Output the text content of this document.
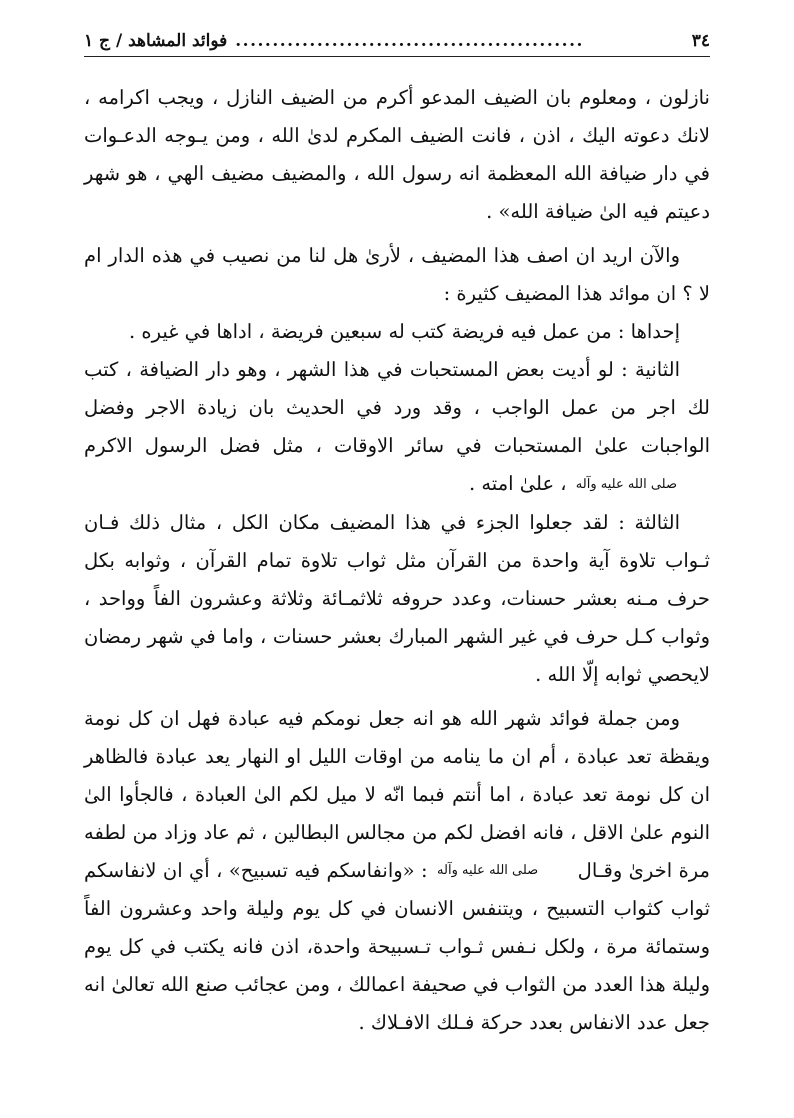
٣٤
...............................................
فوائد المشاهد / ج ١

نازلون ، ومعلوم بان الضيف المدعو أكرم من الضيف النازل ، ويجب اكرامه ، لانك دعوته اليك ، اذن ، فانت الضيف المكرم لدىٰ الله ، ومن يـوجه الدعـوات في دار ضيافة الله المعظمة انه رسول الله ، والمضيف مضيف الهي ، هو شهر دعيتم فيه الىٰ ضيافة الله» .

والآن اريد ان اصف هذا المضيف ، لأرىٰ هل لنا من نصيب في هذه الدار ام لا ؟ ان موائد هذا المضيف كثيرة :

إحداها : من عمل فيه فريضة كتب له سبعين فريضة ، اداها في غيره .

الثانية : لو أديت بعض المستحبات في هذا الشهر ، وهو دار الضيافة ، كتب لك اجر من عمل الواجب ، وقد ورد في الحديث بان زيادة الاجر وفضل الواجبات علىٰ المستحبات في سائر الاوقات ، مثل فضل الرسول الاكرم صلى الله عليه وآله ، علىٰ امته .

الثالثة : لقد جعلوا الجزء في هذا المضيف مكان الكل ، مثال ذلك فـان ثـواب تلاوة آية واحدة من القرآن مثل ثواب تلاوة تمام القرآن ، وثوابه بكل حرف مـنه بعشر حسنات، وعدد حروفه ثلاثمـائة وثلاثة وعشرون الفاً وواحد ، وثواب كـل حرف في غير الشهر المبارك بعشر حسنات ، واما في شهر رمضان لايحصي ثوابه إلّا الله .

ومن جملة فوائد شهر الله هو انه جعل نومكم فيه عبادة فهل ان كل نومة ويقظة تعد عبادة ، أم ان ما ينامه من اوقات الليل او النهار يعد عبادة فالظاهر ان كل نومة تعد عبادة ، اما أنتم فبما انّه لا ميل لكم الىٰ العبادة ، فالجأوا الىٰ النوم علىٰ الاقل ، فانه افضل لكم من مجالس البطالين ، ثم عاد وزاد من لطفه مرة اخرىٰ وقـال صلى الله عليه وآله : «وانفاسكم فيه تسبيح» ، أي ان لانفاسكم ثواب كثواب التسبيح ، ويتنفس الانسان في كل يوم وليلة واحد وعشرون الفاً وستمائة مرة ، ولكل نـفس ثـواب تـسبيحة واحدة، اذن فانه يكتب في كل يوم وليلة هذا العدد من الثواب في صحيفة اعمالك ، ومن عجائب صنع الله تعالىٰ انه جعل عدد الانفاس بعدد حركة فـلك الافـلاك .
